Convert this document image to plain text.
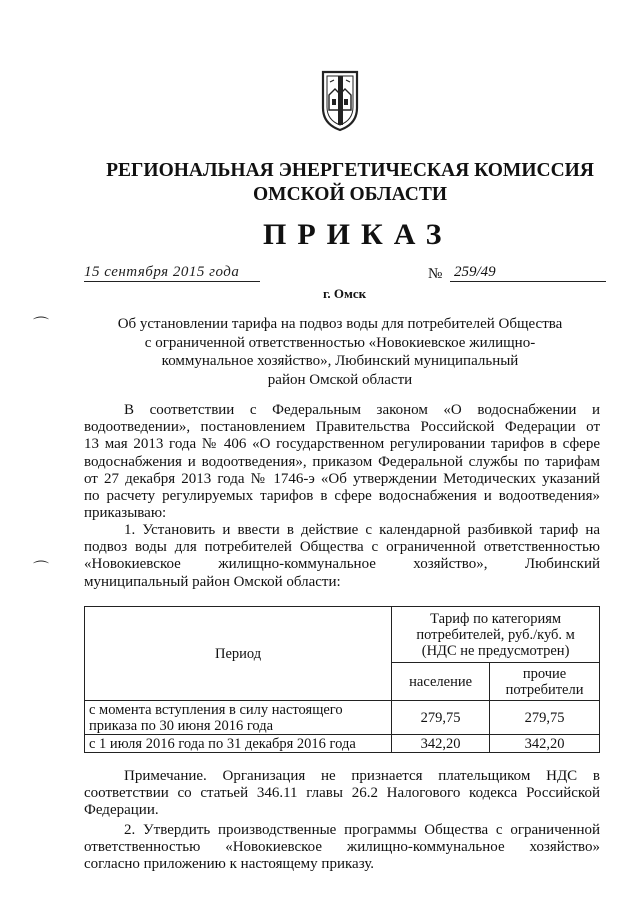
РЕГИОНАЛЬНАЯ ЭНЕРГЕТИЧЕСКАЯ КОМИССИЯ
ОМСКОЙ ОБЛАСТИ
ПРИКАЗ
15 сентября 2015 года
г. Омск
№ 259/49
⌒
⌒
Об установлении тарифа на подвоз воды для потребителей Общества
с ограниченной ответственностью «Новокиевское жилищно-
коммунальное хозяйство», Любинский муниципальный
район Омской области
В соответствии с Федеральным законом «О водоснабжении и
водоотведении», постановлением Правительства Российской Федерации от
13 мая 2013 года № 406 «О государственном регулировании тарифов в сфере
водоснабжения и водоотведения», приказом Федеральной службы по тарифам
от 27 декабря 2013 года № 1746-э «Об утверждении Методических указаний
по расчету регулируемых тарифов в сфере водоснабжения и водоотведения»
приказываю:
1. Установить и ввести в действие с календарной разбивкой тариф на
подвоз воды для потребителей Общества с ограниченной ответственностью
«Новокиевское жилищно-коммунальное хозяйство», Любинский
муниципальный район Омской области:
Период	Тариф по категориям
потребителей, руб./куб. м
(НДС не предусмотрен)	

	население	прочие
потребители

с момента вступления в силу настоящего
приказа по 30 июня 2016 года	279,75	279,75

с 1 июля 2016 года по 31 декабря 2016 года	342,20	342,20
Примечание. Организация не признается плательщиком НДС в
соответствии со статьей 346.11 главы 26.2 Налогового кодекса Российской
Федерации.
2. Утвердить производственные программы Общества с ограниченной
ответственностью «Новокиевское жилищно-коммунальное хозяйство»
согласно приложению к настоящему приказу.
